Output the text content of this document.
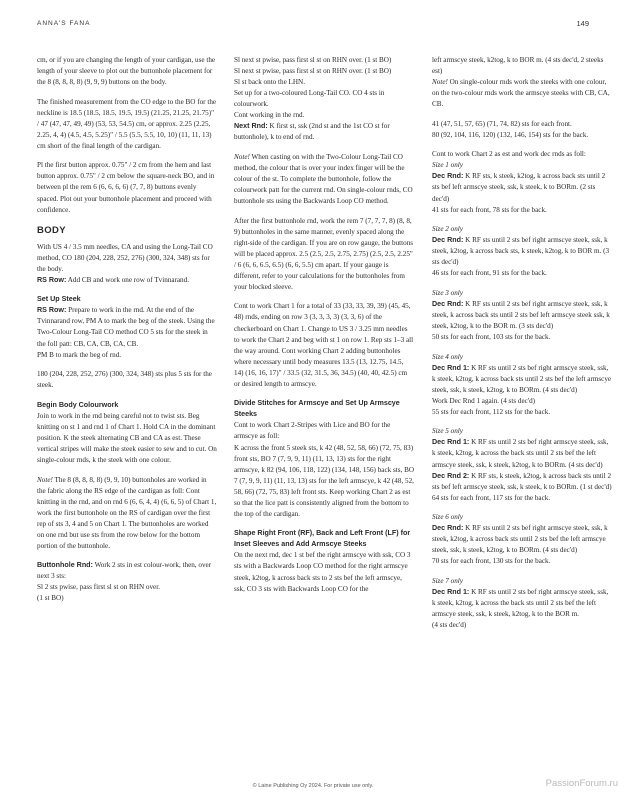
ANNA'S FANA	149

cm, or if you are changing the length of your cardigan, use the length of your sleeve to plot out the buttonhole placement for the 8 (8, 8, 8, 8) (9, 9, 9) buttons on the body.

The finished measurement from the CO edge to the BO for the neckline is 18.5 (18.5, 18.5, 19.5, 19.5) (21.25, 21.25, 21.75)" / 47 (47, 47, 49, 49) (53, 53, 54.5) cm, or approx. 2.25 (2.25, 2.25, 4, 4) (4.5, 4.5, 5.25)" / 5.5 (5.5, 5.5, 10, 10) (11, 11, 13) cm short of the final length of the cardigan.

Pl the first button approx. 0.75" / 2 cm from the hem and last button approx. 0.75" / 2 cm below the square-neck BO, and in between pl the rem 6 (6, 6, 6, 6) (7, 7, 8) buttons evenly spaced. Plot out your buttonhole placement and proceed with confidence.

BODY

With US 4 / 3.5 mm needles, CA and using the Long-Tail CO method, CO 180 (204, 228, 252, 276) (300, 324, 348) sts for the body.
RS Row: Add CB and work one row of Tvinnarand.

Set Up Steek

RS Row: Prepare to work in the rnd. At the end of the Tvinnarand row, PM A to mark the beg of the steek. Using the Two-Colour Long-Tail CO method CO 5 sts for the steek in the foll patt: CB, CA, CB, CA, CB.
PM B to mark the beg of rnd.

180 (204, 228, 252, 276) (300, 324, 348) sts plus 5 sts for the steek.

Begin Body Colourwork

Join to work in the rnd being careful not to twist sts. Beg knitting on st 1 and rnd 1 of Chart 1. Hold CA in the dominant position. K the steek alternating CB and CA as est. These vertical stripes will make the steek easier to sew and to cut. On single-colour rnds, k the steek with one colour.

Note! The 8 (8, 8, 8, 8) (9, 9, 10) buttonholes are worked in the fabric along the RS edge of the cardigan as foll: Cont knitting in the rnd, and on rnd 6 (6, 6, 4, 4) (6, 6, 5) of Chart 1, work the first buttonhole on the RS of cardigan over the first rep of sts 3, 4 and 5 on Chart 1. The buttonholes are worked on one rnd but use sts from the row below for the bottom portion of the buttonhole.

Buttonhole Rnd: Work 2 sts in est colour-work, then, over next 3 sts:
Sl 2 sts pwise, pass first sl st on RHN over.
(1 st BO)

Sl next st pwise, pass first sl st on RHN over. (1 st BO)
Sl next st pwise, pass first sl st on RHN over. (1 st BO)
Sl st back onto the LHN.
Set up for a two-coloured Long-Tail CO. CO 4 sts in colourwork.
Cont working in the rnd.
Next Rnd: K first st, ssk (2nd st and the 1st CO st for buttonhole), k to end of rnd.

Note! When casting on with the Two-Colour Long-Tail CO method, the colour that is over your index finger will be the colour of the st. To complete the buttonhole, follow the colourwork patt for the current rnd. On single-colour rnds, CO buttonhole sts using the Backwards Loop CO method.

After the first buttonhole rnd, work the rem 7 (7, 7, 7, 8) (8, 8, 9) buttonholes in the same manner, evenly spaced along the right-side of the cardigan. If you are on row gauge, the buttons will be placed approx. 2.5 (2.5, 2.5, 2.75, 2.75) (2.5, 2.5, 2.25" / 6 (6, 6, 6.5, 6.5) (6, 6, 5.5) cm apart. If your gauge is different, refer to your calculations for the buttonholes from your blocked sleeve.

Cont to work Chart 1 for a total of 33 (33, 33, 39, 39) (45, 45, 48) rnds, ending on row 3 (3, 3, 3, 3) (3, 3, 6) of the checkerboard on Chart 1. Change to US 3 / 3.25 mm needles to work the Chart 2 and beg with st 1 on row 1. Rep sts 1–3 all the way around. Cont working Chart 2 adding buttonholes where necessary until body measures 13.5 (13, 12.75, 14.5, 14) (16, 16, 17)" / 33.5 (32, 31.5, 36, 34.5) (40, 40, 42.5) cm or desired length to armscye.

Divide Stitches for Armscye and Set Up Armscye Steeks

Cont to work Chart 2-Stripes with Lice and BO for the armscye as foll:
K across the front 5 steek sts, k 42 (48, 52, 58, 66) (72, 75, 83) front sts, BO 7 (7, 9, 9, 11) (11, 13, 13) sts for the right armscye, k 82 (94, 106, 118, 122) (134, 148, 156) back sts, BO 7 (7, 9, 9, 11) (11, 13, 13) sts for the left armscye, k 42 (48, 52, 58, 66) (72, 75, 83) left front sts. Keep working Chart 2 as est so that the lice patt is consistently aligned from the bottom to the top of the cardigan.

Shape Right Front (RF), Back and Left Front (LF) for Inset Sleeves and Add Armscye Steeks

On the next rnd, dec 1 st bef the right armscye with ssk, CO 3 sts with a Backwards Loop CO method for the right armscye steek, k2tog, k across back sts to 2 sts bef the left armscye, ssk, CO 3 sts with Backwards Loop CO for the

left armscye steek, k2tog, k to BOR m. (4 sts dec'd, 2 steeks est)
Note! On single-colour rnds work the steeks with one colour, on the two-colour rnds work the armscye steeks with CB, CA, CB.

41 (47, 51, 57, 65) (71, 74, 82) sts for each front.
80 (92, 104, 116, 120) (132, 146, 154) sts for the back.

Cont to work Chart 2 as est and work dec rnds as foll:
Size 1 only
Dec Rnd: K RF sts, k steek, k2tog, k across back sts until 2 sts bef left armscye steek, ssk, k steek, k to BORm. (2 sts dec'd)
41 sts for each front, 78 sts for the back.

Size 2 only
Dec Rnd: K RF sts until 2 sts bef right armscye steek, ssk, k steek, k2tog, k across back sts, k steek, k2tog, k to BOR m. (3 sts dec'd)
46 sts for each front, 91 sts for the back.

Size 3 only
Dec Rnd: K RF sts until 2 sts bef right armscye steek, ssk, k steek, k across back sts until 2 sts bef left armscye steek ssk, k steek, k2tog, k to the BOR m. (3 sts dec'd)
50 sts for each front, 103 sts for the back.

Size 4 only
Dec Rnd 1: K RF sts until 2 sts bef right armscye steek, ssk, k steek, k2tog, k across back sts until 2 sts bef the left armscye steek, ssk, k steek, k2tog, k to BORm. (4 sts dec'd)
Work Dec Rnd 1 again. (4 sts dec'd)
55 sts for each front, 112 sts for the back.

Size 5 only
Dec Rnd 1: K RF sts until 2 sts bef right armscye steek, ssk, k steek, k2tog, k across the back sts until 2 sts bef the left armscye steek, ssk, k steek, k2tog, k to BORm. (4 sts dec'd)
Dec Rnd 2: K RF sts, k steek, k2tog, k across back sts until 2 sts bef left armscye steek, ssk, k steek, k to BORm. (1 st dec'd)
64 sts for each front, 117 sts for the back.

Size 6 only
Dec Rnd: K RF sts until 2 sts bef right armscye steek, ssk, k steek, k2tog, k across back sts until 2 sts bef the left armscye steek, ssk, k steek, k2tog, k to BORm. (4 sts dec'd)
70 sts for each front, 130 sts for the back.

Size 7 only
Dec Rnd 1: K RF sts until 2 sts bef right armscye steek, ssk, k steek, k2tog, k across the back sts until 2 sts bef the left armscye steek, ssk, k steek, k2tog, k to the BOR m.
(4 sts dec'd)

© Laine Publishing Oy 2024. For private use only.	PassionForum.ru
